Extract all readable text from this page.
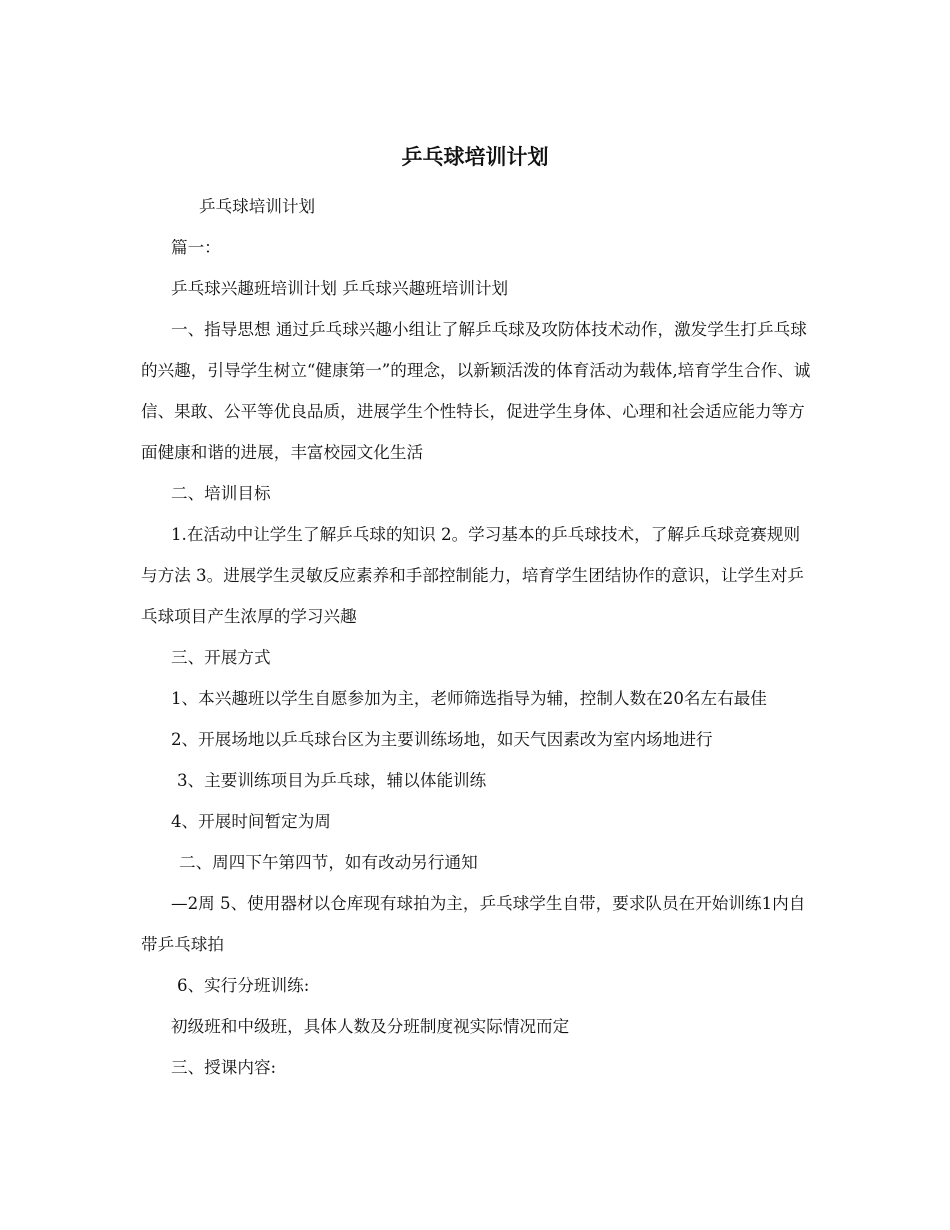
乒乓球培训计划

乒乓球培训计划

篇一：

乒乓球兴趣班培训计划 乒乓球兴趣班培训计划

一、指导思想 通过乒乓球兴趣小组让了解乒乓球及攻防体技术动作，激发学生打乒乓球的兴趣，引导学生树立“健康第一”的理念，以新颖活泼的体育活动为载体,培育学生合作、诚信、果敢、公平等优良品质，进展学生个性特长，促进学生身体、心理和社会适应能力等方面健康和谐的进展，丰富校园文化生活

二、培训目标

1.在活动中让学生了解乒乓球的知识 2。学习基本的乒乓球技术，了解乒乓球竞赛规则与方法 3。进展学生灵敏反应素养和手部控制能力，培育学生团结协作的意识，让学生对乒乓球项目产生浓厚的学习兴趣

三、开展方式

1、本兴趣班以学生自愿参加为主，老师筛选指导为辅，控制人数在20名左右最佳

2、开展场地以乒乓球台区为主要训练场地，如天气因素改为室内场地进行

3、主要训练项目为乒乓球，辅以体能训练

4、开展时间暂定为周

二、周四下午第四节，如有改动另行通知

—2周 5、使用器材以仓库现有球拍为主，乒乓球学生自带，要求队员在开始训练1内自带乒乓球拍

6、实行分班训练:

初级班和中级班，具体人数及分班制度视实际情况而定

三、授课内容:
